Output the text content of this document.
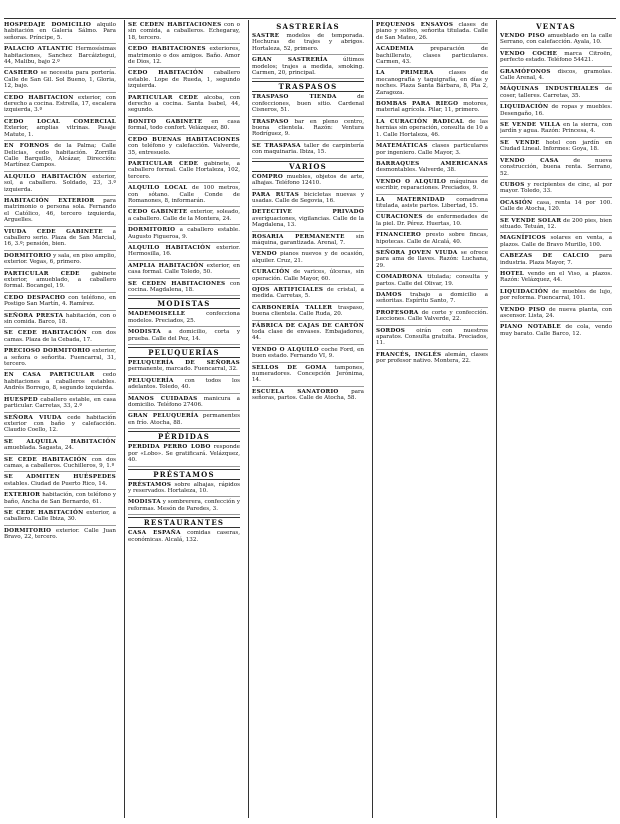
HOSPEDAJE DOMICILIO alquilo habitación en Galería Sálmo. Para señoras. Príncipe, 5.

PALACIO ATLANTIC Hermosísimas habitaciones, Sanchez Barcáiztegui, 44, Malibu, bajo 2.º

CASHERO se necesita para portería. Calle de San Gil. Sol Bueno, 1, Gloria, 12, bajo.

CEDO HABITACION exterior, con derecho a cocina. Estrella, 17, escalera izquierda, 3.º

CEDO LOCAL COMERCIAL Exterior, amplias vitrinas. Pasaje Matute, 1.

EN FORNOS de la Palma; Calle Delicias, cedo habitación. Zorrilla Calle Barquillo, Alcázar, Dirección: Martínez Campos.

ALQUILO HABITACIÓN exterior, sol, a caballero. Soldado, 23, 3.º izquierda.

HABITACIÓN EXTERIOR para matrimonio o persona sola. Fernando el Católico, 46, tercero izquierda, Arguelles.

VIUDA CEDE GABINETE a caballero serio. Plaza de San Marcial, 16, 3.º; pensión, bien.

DORMITORIO y sala, en piso amplio, exterior. Vegas, 6, primero.

PARTICULAR CEDE gabinete exterior, amueblado, a caballero formal. Bocangel, 19.

CEDO DESPACHO con teléfono, en Postigo San Martín, 4. Ramírez.

SEÑORA PRESTA habitación, con o sin comida. Barco, 18.

SE CEDE HABITACIÓN con dos camas. Plaza de la Cebada, 17.

PRECIOSO DORMITORIO exterior, a señora o señorita. Fuencarral, 31, tercero.

EN CASA PARTICULAR cedo habitaciones a caballeros estables. Andrés Borrego, 8, segundo izquierda.

HUESPED caballero estable, en casa particular. Carretas, 33, 2.º

SEÑORA VIUDA cede habitación exterior con baño y calefacción. Claudio Coello, 12.

SE ALQUILA HABITACIÓN amueblada. Sagasta, 24.

SE CEDE HABITACIÓN con dos camas, a caballeros. Cuchilleros, 9, 1.º

SE ADMITEN HUÉSPEDES estables. Ciudad de Puerto Rico, 14.

EXTERIOR habitación, con teléfono y baño, Ancha de San Bernardo, 61.

SE CEDE HABITACIÓN exterior, a caballero. Calle Ibiza, 30.

DORMITORIO exterior. Calle Juan Bravo, 22, tercero.

SE CEDEN HABITACIONES con o sin comida, a caballeros. Echegaray, 18, tercero.

CEDO HABITACIONES exteriores, matrimonio o dos amigos. Baño. Amor de Dios, 12.

CEDO HABITACIÓN caballero estable. Lope de Rueda, 1, segundo izquierda.

PARTICULAR CEDE alcoba, con derecho a cocina. Santa Isabel, 44, segundo.

BONITO GABINETE en casa formal, todo confort. Velázquez, 80.

CEDO BUENAS HABITACIONES con teléfono y calefacción. Valverde, 35, entresuelo.

PARTICULAR CEDE gabinete, a caballero formal. Calle Hortaleza, 102, tercero.

ALQUILO LOCAL de 100 metros, con sótano. Calle Conde de Romanones, 8, informarán.

CEDO GABINETE exterior, soleado, a caballero. Calle de la Montera, 24.

DORMITORIO a caballero estable. Augusto Figueroa, 9.

ALQUILO HABITACIÓN exterior. Hermosilla, 16.

AMPLIA HABITACIÓN exterior, en casa formal. Calle Toledo, 50.

SE CEDEN HABITACIONES con cocina. Magdalena, 18.

MODISTAS

MADEMOISELLE	confecciona modelos. Preciados, 25.

MODISTA a domicilio, corta y prueba. Calle del Pez, 14.

PELUQUERÍAS

PELUQUERÍA DE SEÑORAS permanente, marcado. Fuencarral, 32.

PELUQUERÍA con todos los adelantos. Toledo, 40.

MANOS CUIDADAS manicura a domicilio. Teléfono 27406.

GRAN PELUQUERÍA permanentes en frío. Atocha, 88.

PÉRDIDAS

PERDIDA PERRO LOBO responde por «Lobo». Se gratificará. Velázquez, 40.

PRÉSTAMOS

PRÉSTAMOS sobre alhajas, rápidos y reservados. Hortaleza, 10.

MODISTA y sombrerera, confección y reformas. Mesón de Paredes, 3.

RESTAURANTES

CASA ESPAÑA comidas caseras, económicas. Alcalá, 132.

SASTRERÍAS

SASTRE modelos de temporada. Hechuras de trajes y abrigos. Hortaleza, 52, primero.

GRAN SASTRERÍA	últimos modelos; trajes a medida, smoking. Carmen, 20, principal.

TRASPASOS

TRASPASO TIENDA	de confecciones, buen sitio. Cardenal Cisneros, 51.

TRASPASO bar en pleno centro, buena clientela. Razón: Ventura Rodríguez, 9.

SE TRASPASA taller de carpintería con maquinaria. Ibiza, 15.

VARIOS

COMPRO muebles, objetos de arte, alhajas. Teléfono 12410.

PARA RUTAS bicicletas nuevas y usadas. Calle de Segovia, 16.

DETECTIVE PRIVADO averiguaciones, vigilancias. Calle de la Magdalena, 13.

ROSARIA PERMANENTE sin máquina, garantizada. Arenal, 7.

VENDO pianos nuevos y de ocasión, alquiler. Cruz, 21.

CURACIÓN de varices, úlceras, sin operación. Calle Mayor, 60.

OJOS ARTIFICIALES de cristal, a medida. Carretas, 5.

CARBONERÍA TALLER traspaso, buena clientela. Calle Ruda, 20.

FÁBRICA DE CAJAS DE CARTÓN toda clase de envases. Embajadores, 44.

VENDO O ALQUILO coche Ford, en buen estado. Fernando VI, 9.

SELLOS DE GOMA tampones, numeradores. Concepción Jerónima, 14.

ESCUELA SANATORIO para señoras, partos. Calle de Atocha, 58.

PEQUEÑOS ENSAYOS clases de piano y solfeo, señorita titulada. Calle de San Mateo, 26.

ACADEMIA	preparación de bachillerato, clases particulares. Carmen, 43.

LA PRIMERA	clases de mecanografía y taquigrafía, en días y noches. Plaza Santa Bárbara, 8, Pta 2, Zaragoza.

BOMBAS PARA RIEGO motores, material agrícola. Pilar, 11, primero.

LA CURACIÓN RADICAL de las hernias sin operación, consulta de 10 a 1. Calle Hortaleza, 46.

MATEMÁTICAS clases particulares por ingeniero. Calle Mayor, 3.

BARRAQUES AMERICANAS desmontables. Valverde, 38.

VENDO O ALQUILO máquinas de escribir, reparaciones. Preciados, 9.

LA MATERNIDAD comadrona titulada, asiste partos. Libertad, 15.

CURACIONES de enfermedades de la piel. Dr. Pérez. Huertas, 10.

FINANCIERO presto sobre fincas, hipotecas. Calle de Alcalá, 40.

SEÑORA JOVEN VIUDA se ofrece para ama de llaves. Razón: Luchana, 29.

COMADRONA titulada; consulta y partos. Calle del Olivar, 19.

DAMOS trabajo a domicilio a señoritas. Espíritu Santo, 7.

PROFESORA de corte y confección. Lecciones. Calle Valverde, 22.

SORDOS oirán con nuestros aparatos. Consulta gratuita. Preciados, 11.

FRANCÉS, INGLÉS alemán, clases por profesor nativo. Montera, 22.

VENTAS

VENDO PISO amueblado en la calle Serrano, con calefacción. Ayala, 10.

VENDO COCHE marca Citroën, perfecto estado. Teléfono 54421.

GRAMÓFONOS discos, gramolas. Calle Arenal, 4.

MÁQUINAS INDUSTRIALES de coser, talleres. Carretas, 35.

LIQUIDACIÓN de ropas y muebles. Desengaño, 16.

SE VENDE VILLA en la sierra, con jardín y agua. Razón: Princesa, 4.

SE VENDE hotel con jardín en Ciudad Lineal. Informes: Goya, 18.

VENDO CASA	de nueva construcción, buena renta. Serrano, 52.

CUBOS y recipientes de cinc, al por mayor. Toledo, 33.

OCASIÓN casa, renta 14 por 100. Calle de Atocha, 120.

SE VENDE SOLAR de 200 pies, bien situado. Tetuán, 12.

MAGNÍFICOS solares en venta, a plazos. Calle de Bravo Murillo, 100.

CABEZAS DE CALCIO para industria. Plaza Mayor, 7.

HOTEL vendo en el Viso, a plazos. Razón: Velázquez, 44.

LIQUIDACIÓN de muebles de lujo, por reforma. Fuencarral, 101.

VENDO PISO de nueva planta, con ascensor. Lista, 24.

PIANO NOTABLE de cola, vendo muy barato. Calle Barco, 12.
